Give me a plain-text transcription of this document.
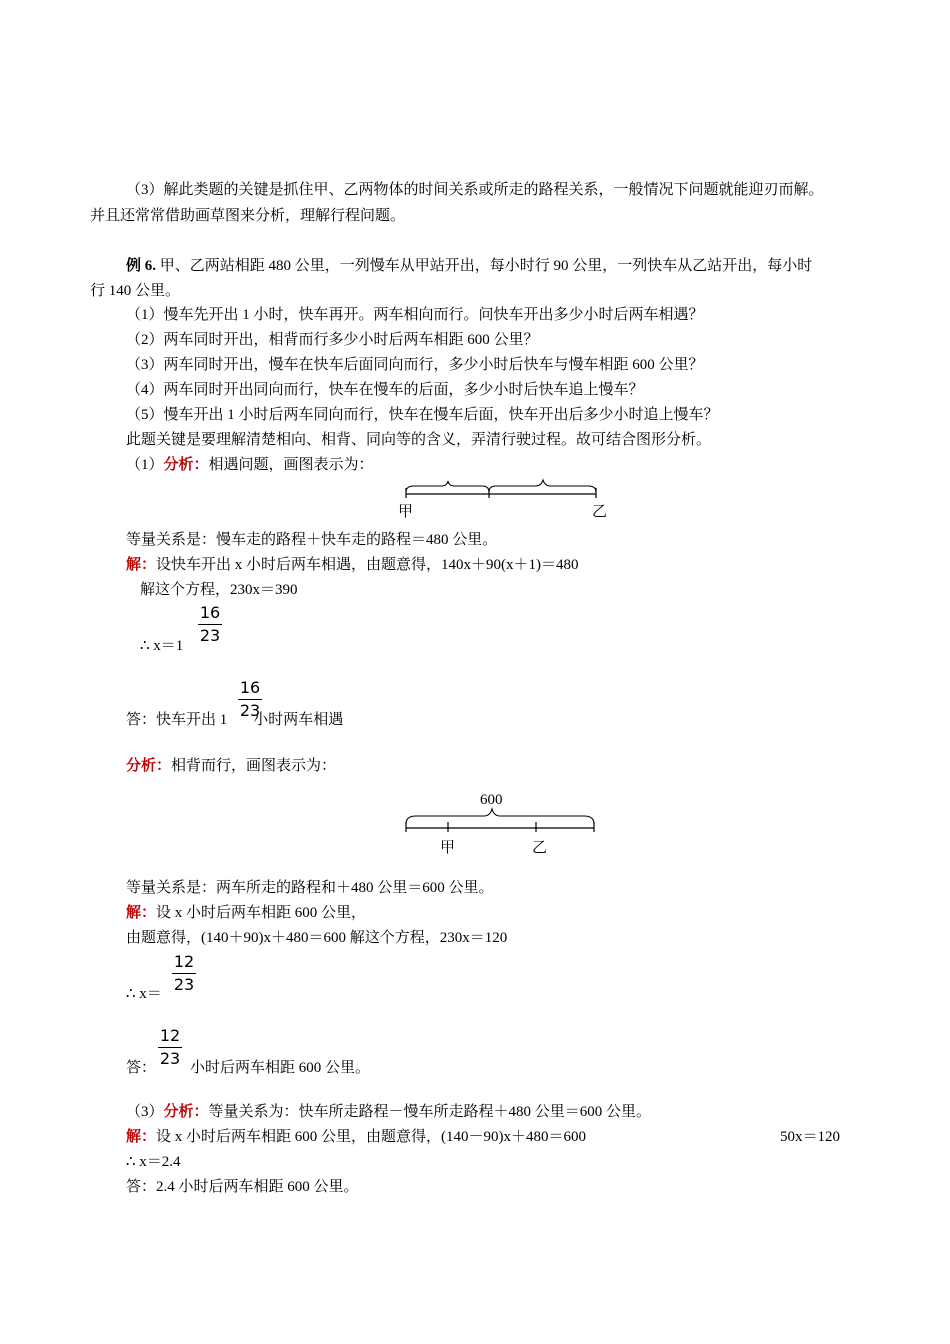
（3）解此类题的关键是抓住甲、乙两物体的时间关系或所走的路程关系，一般情况下问题就能迎刃而解。
并且还常常借助画草图来分析，理解行程问题。
例 6. 甲、乙两站相距 480 公里，一列慢车从甲站开出，每小时行 90 公里，一列快车从乙站开出，每小时
行 140 公里。
（1）慢车先开出 1 小时，快车再开。两车相向而行。问快车开出多少小时后两车相遇？
（2）两车同时开出，相背而行多少小时后两车相距 600 公里？
（3）两车同时开出，慢车在快车后面同向而行，多少小时后快车与慢车相距 600 公里？
（4）两车同时开出同向而行，快车在慢车的后面，多少小时后快车追上慢车？
（5）慢车开出 1 小时后两车同向而行，快车在慢车后面，快车开出后多少小时追上慢车？
此题关键是要理解清楚相向、相背、同向等的含义，弄清行驶过程。故可结合图形分析。
（1）分析：相遇问题，画图表示为：
甲	乙
等量关系是：慢车走的路程＋快车走的路程＝480 公里。
解：设快车开出 x 小时后两车相遇，由题意得，140x＋90(x＋1)＝480
解这个方程，230x＝390
∴ x＝1
16
23
答：快车开出 1 小时两车相遇
16
23
分析：相背而行，画图表示为：
600
甲	乙
等量关系是：两车所走的路程和＋480 公里＝600 公里。
解：设 x 小时后两车相距 600 公里，
由题意得，(140＋90)x＋480＝600 解这个方程，230x＝120
∴ x＝
12
23
答： 小时后两车相距 600 公里。
12
23
（3）分析：等量关系为：快车所走路程－慢车所走路程＋480 公里＝600 公里。
解：设 x 小时后两车相距 600 公里，由题意得，(140－90)x＋480＝600	50x＝120
∴ x＝2.4
答：2.4 小时后两车相距 600 公里。
